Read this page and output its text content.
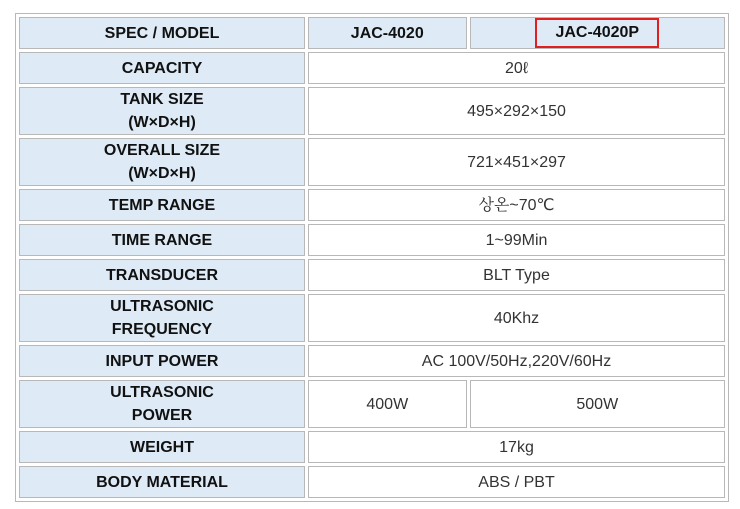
SPEC / MODEL	JAC-4020	JAC-4020P
CAPACITY	20ℓ	
TANK SIZE
(W×D×H)	495×292×150	
OVERALL SIZE
(W×D×H)	721×451×297	
TEMP RANGE	상온~70℃	
TIME RANGE	1~99Min	
TRANSDUCER	BLT Type	
ULTRASONIC
FREQUENCY	40Khz	
INPUT POWER	AC 100V/50Hz,220V/60Hz	
ULTRASONIC
POWER	400W	500W
WEIGHT	17kg	
BODY MATERIAL	ABS / PBT	
